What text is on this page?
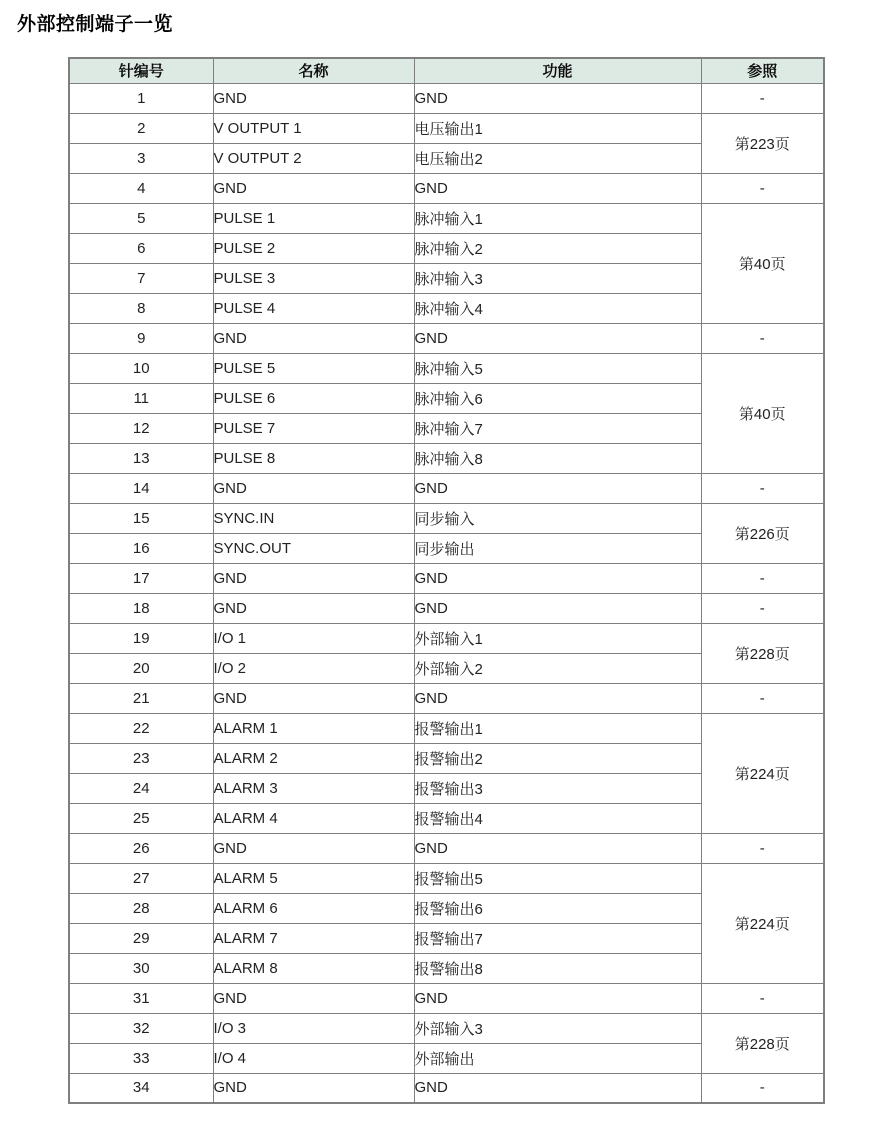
外部控制端子一览
针编号	名称	功能	参照
1	GND	GND	-
2	V OUTPUT 1	电压输出1	第223页
3	V OUTPUT 2	电压输出2	
4	GND	GND	-
5	PULSE 1	脉冲输入1	第40页
6	PULSE 2	脉冲输入2	
7	PULSE 3	脉冲输入3	
8	PULSE 4	脉冲输入4	
9	GND	GND	-
10	PULSE 5	脉冲输入5	第40页
11	PULSE 6	脉冲输入6	
12	PULSE 7	脉冲输入7	
13	PULSE 8	脉冲输入8	
14	GND	GND	-
15	SYNC.IN	同步输入	第226页
16	SYNC.OUT	同步输出	
17	GND	GND	-
18	GND	GND	-
19	I/O 1	外部输入1	第228页
20	I/O 2	外部输入2	
21	GND	GND	-
22	ALARM 1	报警输出1	第224页
23	ALARM 2	报警输出2	
24	ALARM 3	报警输出3	
25	ALARM 4	报警输出4	
26	GND	GND	-
27	ALARM 5	报警输出5	第224页
28	ALARM 6	报警输出6	
29	ALARM 7	报警输出7	
30	ALARM 8	报警输出8	
31	GND	GND	-
32	I/O 3	外部输入3	第228页
33	I/O 4	外部输出	
34	GND	GND	-
